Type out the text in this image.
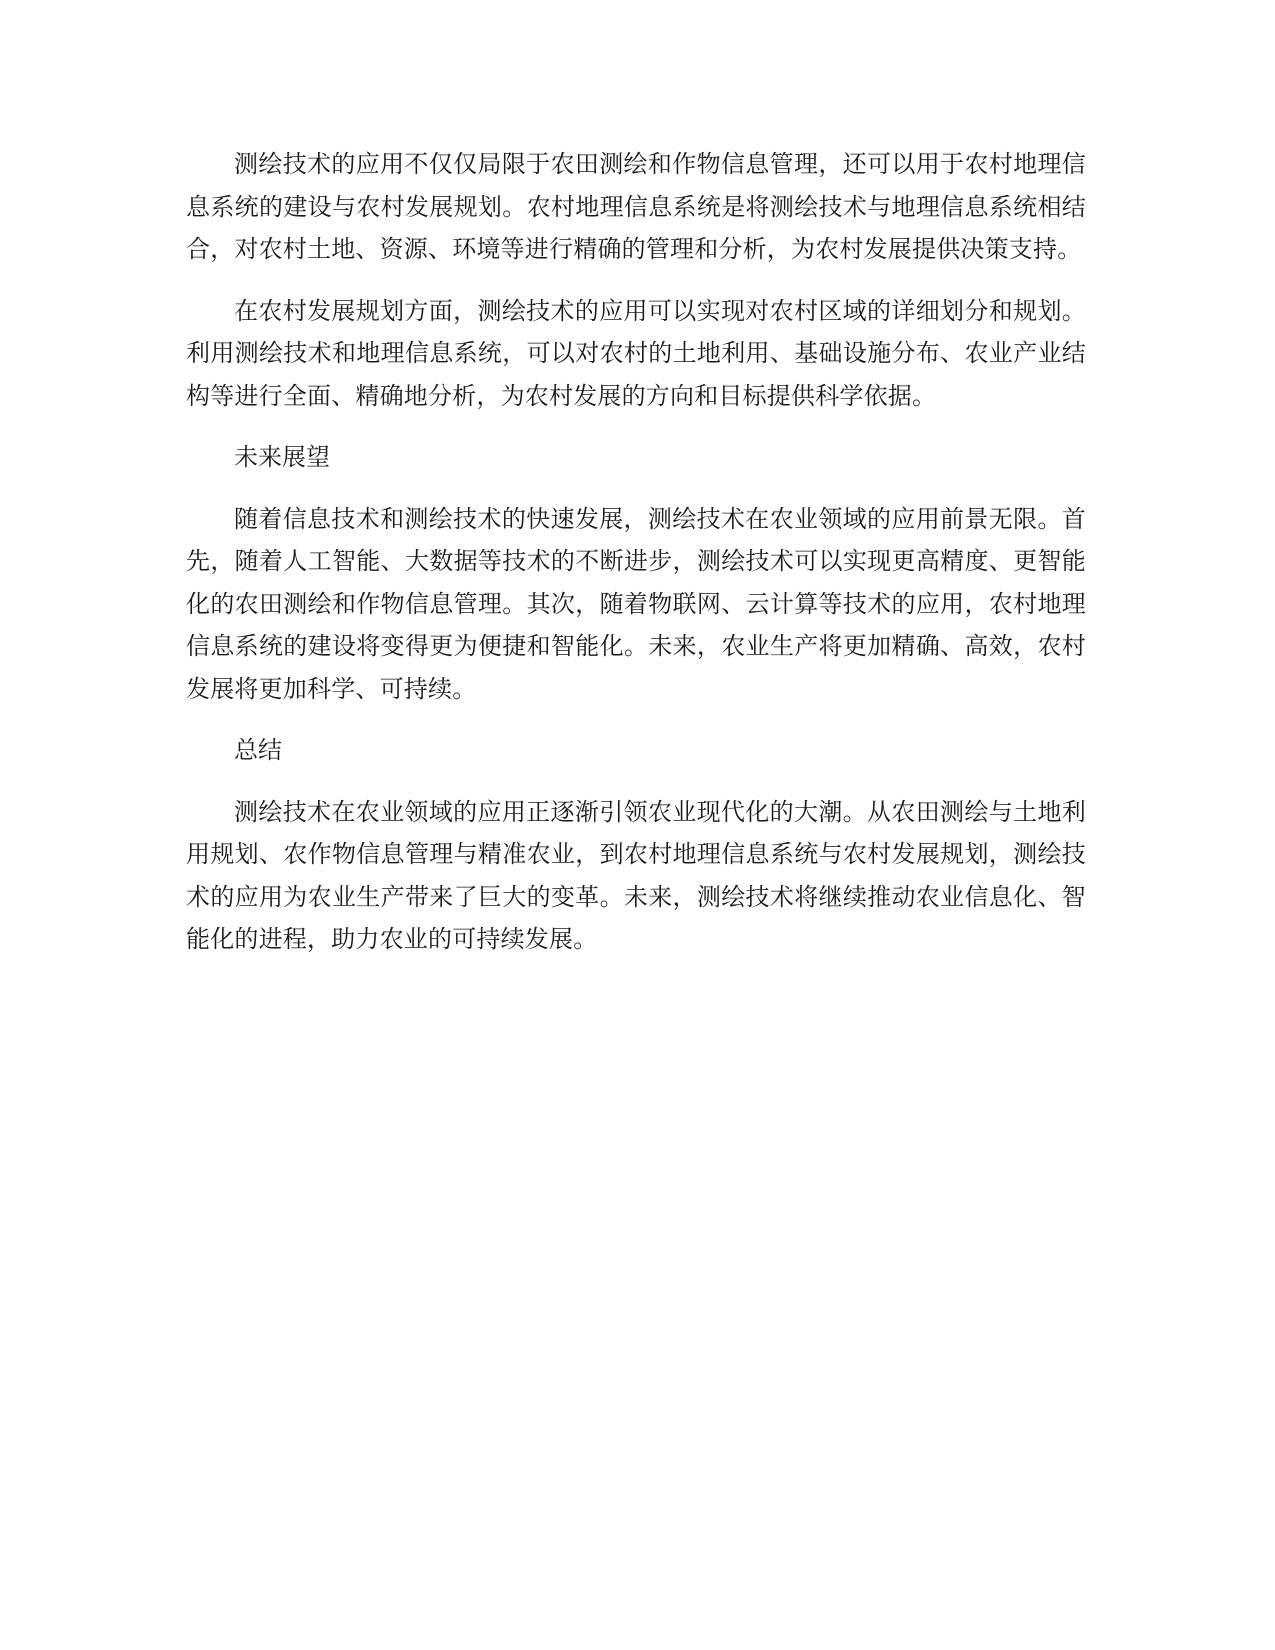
测绘技术的应用不仅仅局限于农田测绘和作物信息管理，还可以用于农村地理信息系统的建设与农村发展规划。农村地理信息系统是将测绘技术与地理信息系统相结合，对农村土地、资源、环境等进行精确的管理和分析，为农村发展提供决策支持。

在农村发展规划方面，测绘技术的应用可以实现对农村区域的详细划分和规划。利用测绘技术和地理信息系统，可以对农村的土地利用、基础设施分布、农业产业结构等进行全面、精确地分析，为农村发展的方向和目标提供科学依据。

未来展望

随着信息技术和测绘技术的快速发展，测绘技术在农业领域的应用前景无限。首先，随着人工智能、大数据等技术的不断进步，测绘技术可以实现更高精度、更智能化的农田测绘和作物信息管理。其次，随着物联网、云计算等技术的应用，农村地理信息系统的建设将变得更为便捷和智能化。未来，农业生产将更加精确、高效，农村发展将更加科学、可持续。

总结

测绘技术在农业领域的应用正逐渐引领农业现代化的大潮。从农田测绘与土地利用规划、农作物信息管理与精准农业，到农村地理信息系统与农村发展规划，测绘技术的应用为农业生产带来了巨大的变革。未来，测绘技术将继续推动农业信息化、智能化的进程，助力农业的可持续发展。
